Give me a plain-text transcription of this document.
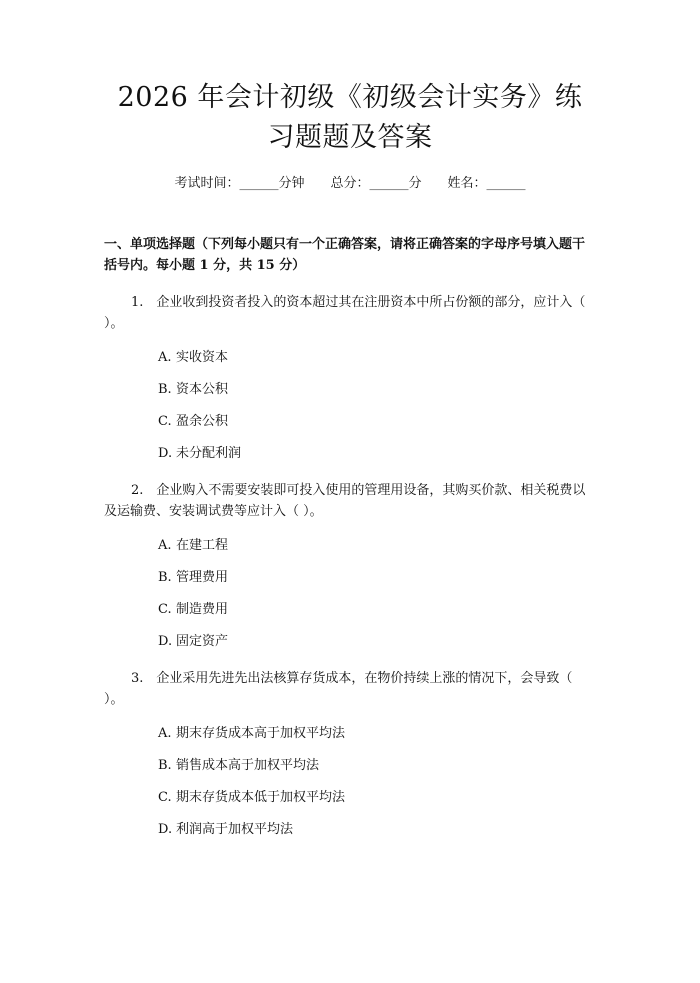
2026 年会计初级《初级会计实务》练习题题及答案
考试时间：______分钟 总分：______分 姓名：______
一、单项选择题（下列每小题只有一个正确答案，请将正确答案的字母序号填入题干括号内。每小题 1 分，共 15 分）
1.　企业收到投资者投入的资本超过其在注册资本中所占份额的部分，应计入（ ）。
A. 实收资本
B. 资本公积
C. 盈余公积
D. 未分配利润
2.　企业购入不需要安装即可投入使用的管理用设备，其购买价款、相关税费以及运输费、安装调试费等应计入（ ）。
A. 在建工程
B. 管理费用
C. 制造费用
D. 固定资产
3.　企业采用先进先出法核算存货成本，在物价持续上涨的情况下，会导致（ ）。
A. 期末存货成本高于加权平均法
B. 销售成本高于加权平均法
C. 期末存货成本低于加权平均法
D. 利润高于加权平均法
